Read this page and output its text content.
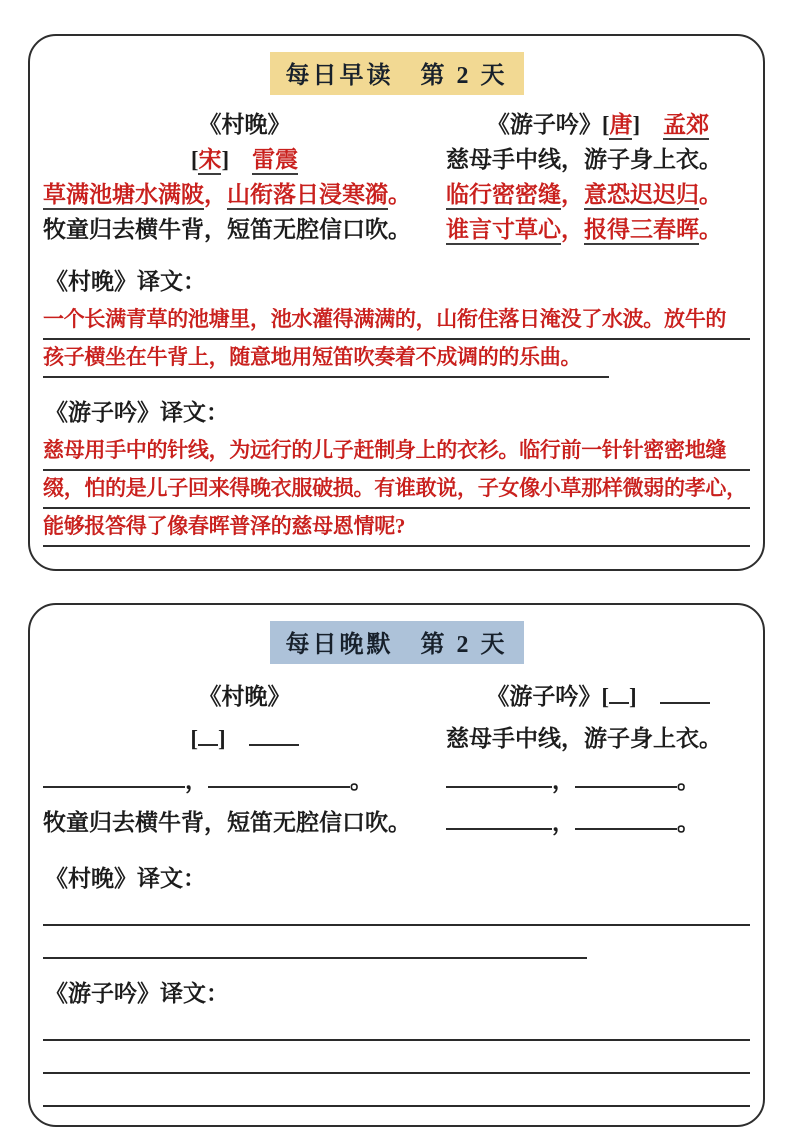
每日早读　第 2 天
《村晚》	《游子吟》[唐]　 孟郊
[宋]　 雷震	慈母手中线，游子身上衣。
草满池塘水满陂，山衔落日浸寒漪。	临行密密缝，意恐迟迟归。
牧童归去横牛背，短笛无腔信口吹。	谁言寸草心，报得三春晖。
《村晚》译文：
一个长满青草的池塘里，池水灌得满满的，山衔住落日淹没了水波。放牛的
孩子横坐在牛背上，随意地用短笛吹奏着不成调的的乐曲。
《游子吟》译文：
慈母用手中的针线，为远行的儿子赶制身上的衣衫。临行前一针针密密地缝
缀，怕的是儿子回来得晚衣服破损。有谁敢说，子女像小草那样微弱的孝心，
能够报答得了像春晖普泽的慈母恩情呢?
每日晚默　第 2 天
《村晚》	《游子吟》[ ]　
[ ]　	慈母手中线，游子身上衣。
，	。	，	。
牧童归去横牛背，短笛无腔信口吹。	，	。
《村晚》译文：
《游子吟》译文：
